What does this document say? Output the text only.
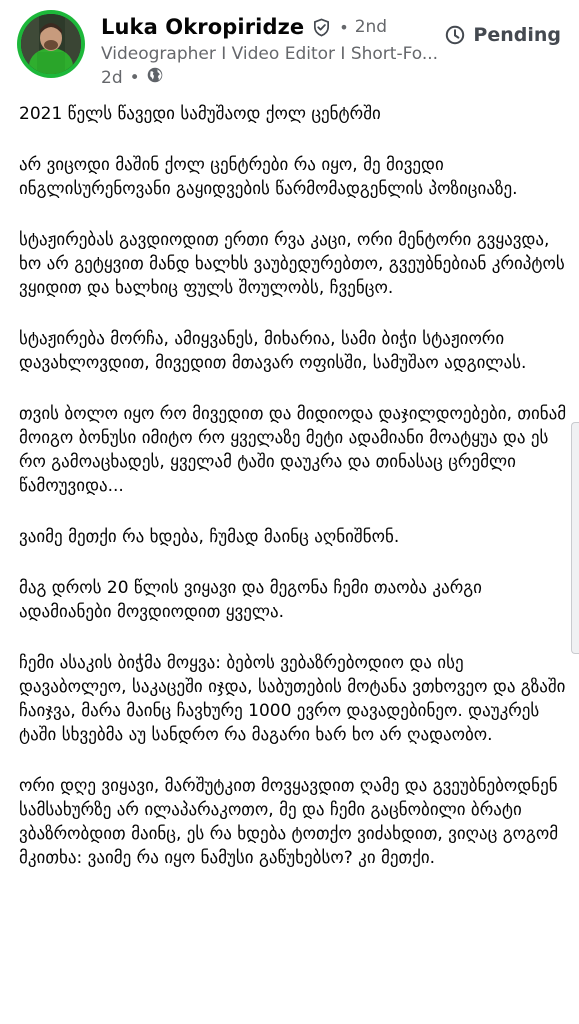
Luka Okropiridze • 2nd	Pending
Videographer I Video Editor I Short-Fo...
2d •

2021 წელს წავედი სამუშაოდ ქოლ ცენტრში

არ ვიცოდი მაშინ ქოლ ცენტრები რა იყო, მე მივედი ინგლისურენოვანი გაყიდვების წარმომადგენლის პოზიციაზე.

სტაჟირებას გავდიოდით ერთი რვა კაცი, ორი მენტორი გვყავდა, ხო არ გეტყვით მანდ ხალხს ვაუბედურებთო, გვეუბნებიან კრიპტოს ვყიდით და ხალხიც ფულს შოულობს, ჩვენცო.

სტაჟირება მორჩა, ამიყვანეს, მიხარია, სამი ბიჭი სტაჟიორი დავახლოვდით, მივედით მთავარ ოფისში, სამუშაო ადგილას.

თვის ბოლო იყო რო მივედით და მიდიოდა დაჯილდოებები, თინამ მოიგო ბონუსი იმიტო რო ყველაზე მეტი ადამიანი მოატყუა და ეს რო გამოაცხადეს, ყველამ ტაში დაუკრა და თინასაც ცრემლი წამოუვიდა...

ვაიმე მეთქი რა ხდება, ჩუმად მაინც აღნიშნონ.

მაგ დროს 20 წლის ვიყავი და მეგონა ჩემი თაობა კარგი ადამიანები მოვდიოდით ყველა.

ჩემი ასაკის ბიჭმა მოყვა: ბებოს ვებაზრებოდიო და ისე დავაბოლეო, საკაცეში იჯდა, საბუთების მოტანა ვთხოვეო და გზაში ჩაიჯვა, მარა მაინც ჩავხურე 1000 ევრო დავადებინეო. დაუკრეს ტაში სხვებმა აუ სანდრო რა მაგარი ხარ ხო არ ღადაობო.

ორი დღე ვიყავი, მარშუტკით მოვყავდით ღამე და გვეუბნებოდნენ სამსახურზე არ ილაპარაკოთო, მე და ჩემი გაცნობილი ბრატი ვბაზრობდით მაინც, ეს რა ხდება ტოთქო ვიძახდით, ვიღაც გოგომ მკითხა: ვაიმე რა იყო ნამუსი გაწუხებსო? კი მეთქი.
